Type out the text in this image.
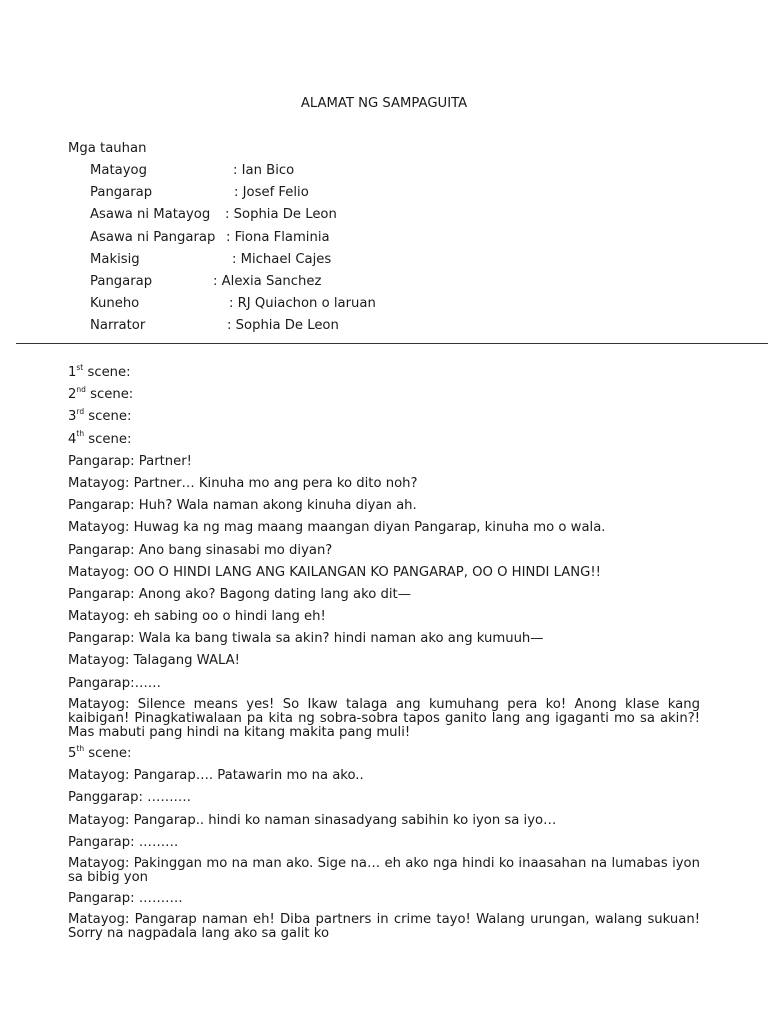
ALAMAT NG SAMPAGUITA
Mga tauhan
Matayog	: Ian Bico
Pangarap	: Josef Felio
Asawa ni Matayog : Sophia De Leon
Asawa ni Pangarap : Fiona Flaminia
Makisig	: Michael Cajes
Pangarap	: Alexia Sanchez
Kuneho	: RJ Quiachon o laruan
Narrator	: Sophia De Leon
1st scene:
2nd scene:
3rd scene:
4th scene:
Pangarap: Partner!
Matayog: Partner… Kinuha mo ang pera ko dito noh?
Pangarap: Huh? Wala naman akong kinuha diyan ah.
Matayog: Huwag ka ng mag maang maangan diyan Pangarap, kinuha mo o wala.
Pangarap: Ano bang sinasabi mo diyan?
Matayog: OO O HINDI LANG ANG KAILANGAN KO PANGARAP, OO O HINDI LANG!!
Pangarap: Anong ako? Bagong dating lang ako dit—
Matayog: eh sabing oo o hindi lang eh!
Pangarap: Wala ka bang tiwala sa akin? hindi naman ako ang kumuuh—
Matayog: Talagang WALA!
Pangarap:……
Matayog: Silence means yes! So Ikaw talaga ang kumuhang pera ko! Anong klase kang kaibigan! Pinagkatiwalaan pa kita ng sobra-sobra tapos ganito lang ang igaganti mo sa akin?! Mas mabuti pang hindi na kitang makita pang muli!
5th scene:
Matayog: Pangarap…. Patawarin mo na ako..
Panggarap: ……….
Matayog: Pangarap.. hindi ko naman sinasadyang sabihin ko iyon sa iyo…
Pangarap: ………
Matayog: Pakinggan mo na man ako. Sige na… eh ako nga hindi ko inaasahan na lumabas iyon sa bibig yon
Pangarap: ……….
Matayog: Pangarap naman eh! Diba partners in crime tayo! Walang urungan, walang sukuan! Sorry na nagpadala lang ako sa galit ko
